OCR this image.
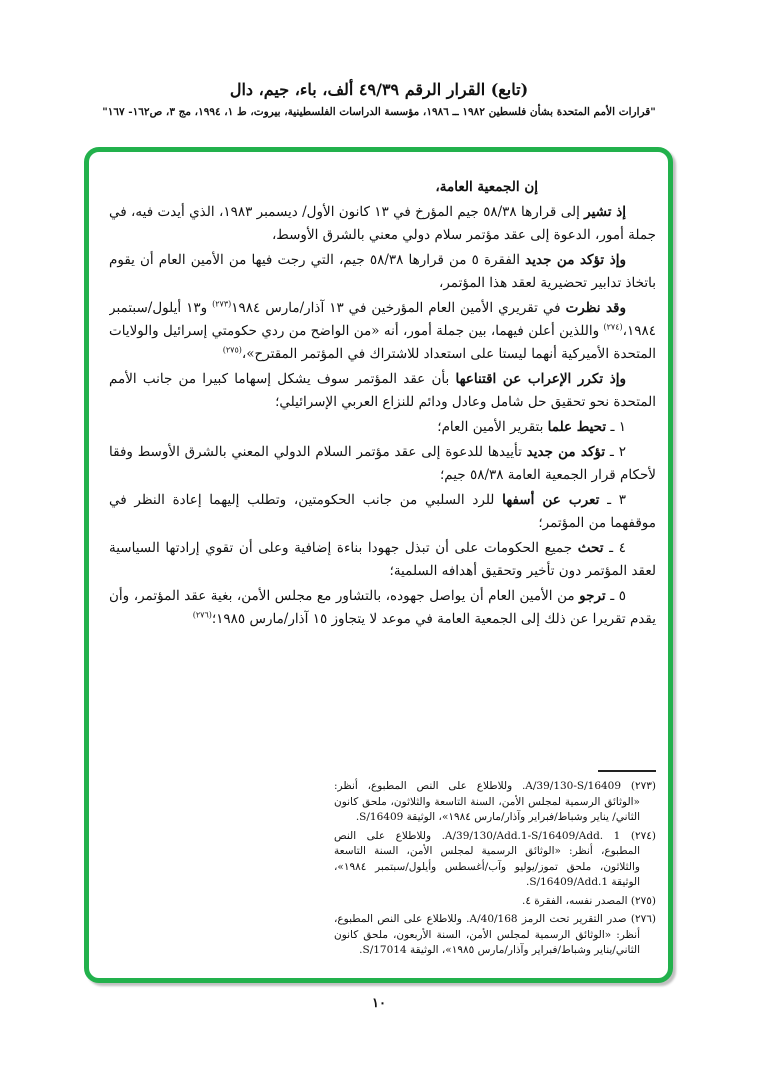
(تابع) القرار الرقم ٤٩/٣٩ ألف، باء، جيم، دال
"قرارات الأمم المتحدة بشأن فلسطين ١٩٨٢ ــ ١٩٨٦، مؤسسة الدراسات الفلسطينية، بيروت، ط ١، ١٩٩٤، مج ٣، ص١٦٢- ١٦٧"

إن الجمعية العامة،

إذ تشير إلى قرارها ٥٨/٣٨ جيم المؤرخ في ١٣ كانون الأول/ ديسمبر ١٩٨٣، الذي أيدت فيه، في جملة أمور، الدعوة إلى عقد مؤتمر سلام دولي معني بالشرق الأوسط،

وإذ تؤكد من جديد الفقرة ٥ من قرارها ٥٨/٣٨ جيم، التي رجت فيها من الأمين العام أن يقوم باتخاذ تدابير تحضيرية لعقد هذا المؤتمر،

وقد نظرت في تقريري الأمين العام المؤرخين في ١٣ آذار/مارس ١٩٨٤$^{(٢٧٣)}$ و١٣ أيلول/سبتمبر ١٩٨٤،$^{(٢٧٤)}$ واللذين أعلن فيهما، بين جملة أمور، أنه «من الواضح من ردي حكومتي إسرائيل والولايات المتحدة الأميركية أنهما ليستا على استعداد للاشتراك في المؤتمر المقترح»،$^{(٢٧٥)}$

وإذ تكرر الإعراب عن اقتناعها بأن عقد المؤتمر سوف يشكل إسهاما كبيرا من جانب الأمم المتحدة نحو تحقيق حل شامل وعادل ودائم للنزاع العربي الإسرائيلي؛

١ ـ تحيط علما بتقرير الأمين العام؛

٢ ـ تؤكد من جديد تأييدها للدعوة إلى عقد مؤتمر السلام الدولي المعني بالشرق الأوسط وفقا لأحكام قرار الجمعية العامة ٥٨/٣٨ جيم؛

٣ ـ تعرب عن أسفها للرد السلبي من جانب الحكومتين، وتطلب إليهما إعادة النظر في موقفهما من المؤتمر؛

٤ ـ تحث جميع الحكومات على أن تبذل جهودا بناءة إضافية وعلى أن تقوي إرادتها السياسية لعقد المؤتمر دون تأخير وتحقيق أهدافه السلمية؛

٥ ـ ترجو من الأمين العام أن يواصل جهوده، بالتشاور مع مجلس الأمن، بغية عقد المؤتمر، وأن يقدم تقريرا عن ذلك إلى الجمعية العامة في موعد لا يتجاوز ١٥ آذار/مارس ١٩٨٥؛$^{(٢٧٦)}$

(٢٧٣) A/39/130-S/16409. وللاطلاع على النص المطبوع، أنظر: «الوثائق الرسمية لمجلس الأمن، السنة التاسعة والثلاثون، ملحق كانون الثاني/ يناير وشباط/فبراير وآذار/مارس ١٩٨٤»، الوثيقة S/16409.
(٢٧٤) A/39/130/Add.1-S/16409/Add. 1. وللاطلاع على النص المطبوع، أنظر: «الوثائق الرسمية لمجلس الأمن، السنة التاسعة والثلاثون، ملحق تموز/يوليو وآب/أغسطس وأيلول/سبتمبر ١٩٨٤»، الوثيقة S/16409/Add.1.
(٢٧٥) المصدر نفسه، الفقرة ٤.
(٢٧٦) صدر التقرير تحت الرمز A/40/168. وللاطلاع على النص المطبوع، أنظر: «الوثائق الرسمية لمجلس الأمن، السنة الأربعون، ملحق كانون الثاني/يناير وشباط/فبراير وآذار/مارس ١٩٨٥»، الوثيقة S/17014.
١٠
